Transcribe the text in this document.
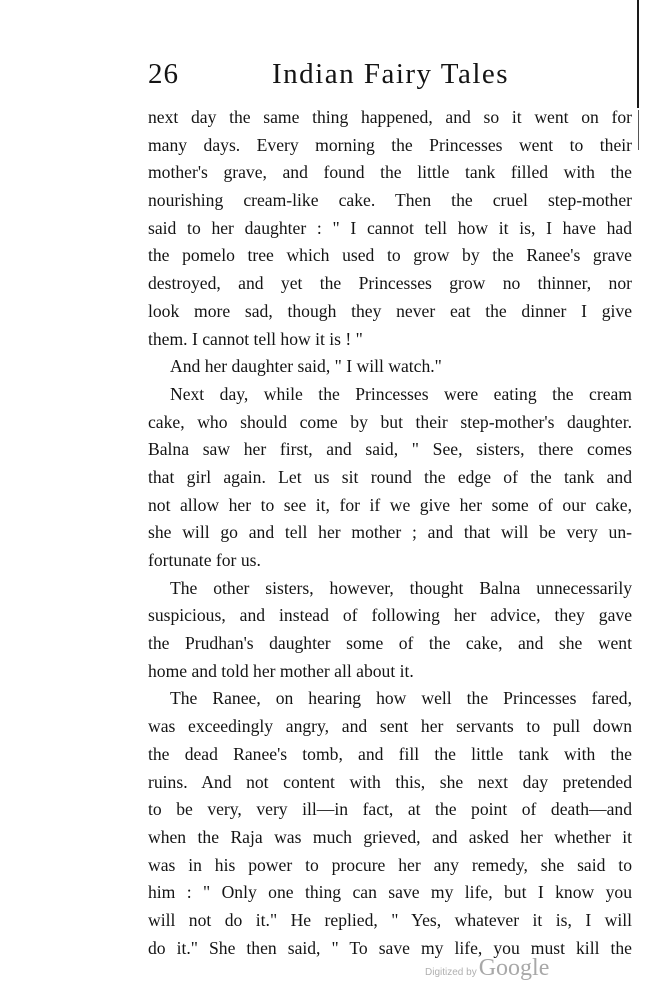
26	Indian Fairy Tales
next day the same thing happened, and so it went on for
many days. Every morning the Princesses went to their
mother's grave, and found the little tank filled with the
nourishing cream-like cake. Then the cruel step-mother
said to her daughter : " I cannot tell how it is, I have had
the pomelo tree which used to grow by the Ranee's grave
destroyed, and yet the Princesses grow no thinner, nor
look more sad, though they never eat the dinner I give
them. I cannot tell how it is ! "
And her daughter said, " I will watch."
Next day, while the Princesses were eating the cream
cake, who should come by but their step-mother's daughter.
Balna saw her first, and said, " See, sisters, there comes
that girl again. Let us sit round the edge of the tank and
not allow her to see it, for if we give her some of our cake,
she will go and tell her mother ; and that will be very un-
fortunate for us.
The other sisters, however, thought Balna unnecessarily
suspicious, and instead of following her advice, they gave
the Prudhan's daughter some of the cake, and she went
home and told her mother all about it.
The Ranee, on hearing how well the Princesses fared,
was exceedingly angry, and sent her servants to pull down
the dead Ranee's tomb, and fill the little tank with the
ruins. And not content with this, she next day pretended
to be very, very ill—in fact, at the point of death—and
when the Raja was much grieved, and asked her whether it
was in his power to procure her any remedy, she said to
him : " Only one thing can save my life, but I know you
will not do it." He replied, " Yes, whatever it is, I will
do it." She then said, " To save my life, you must kill the
Digitized by Google
